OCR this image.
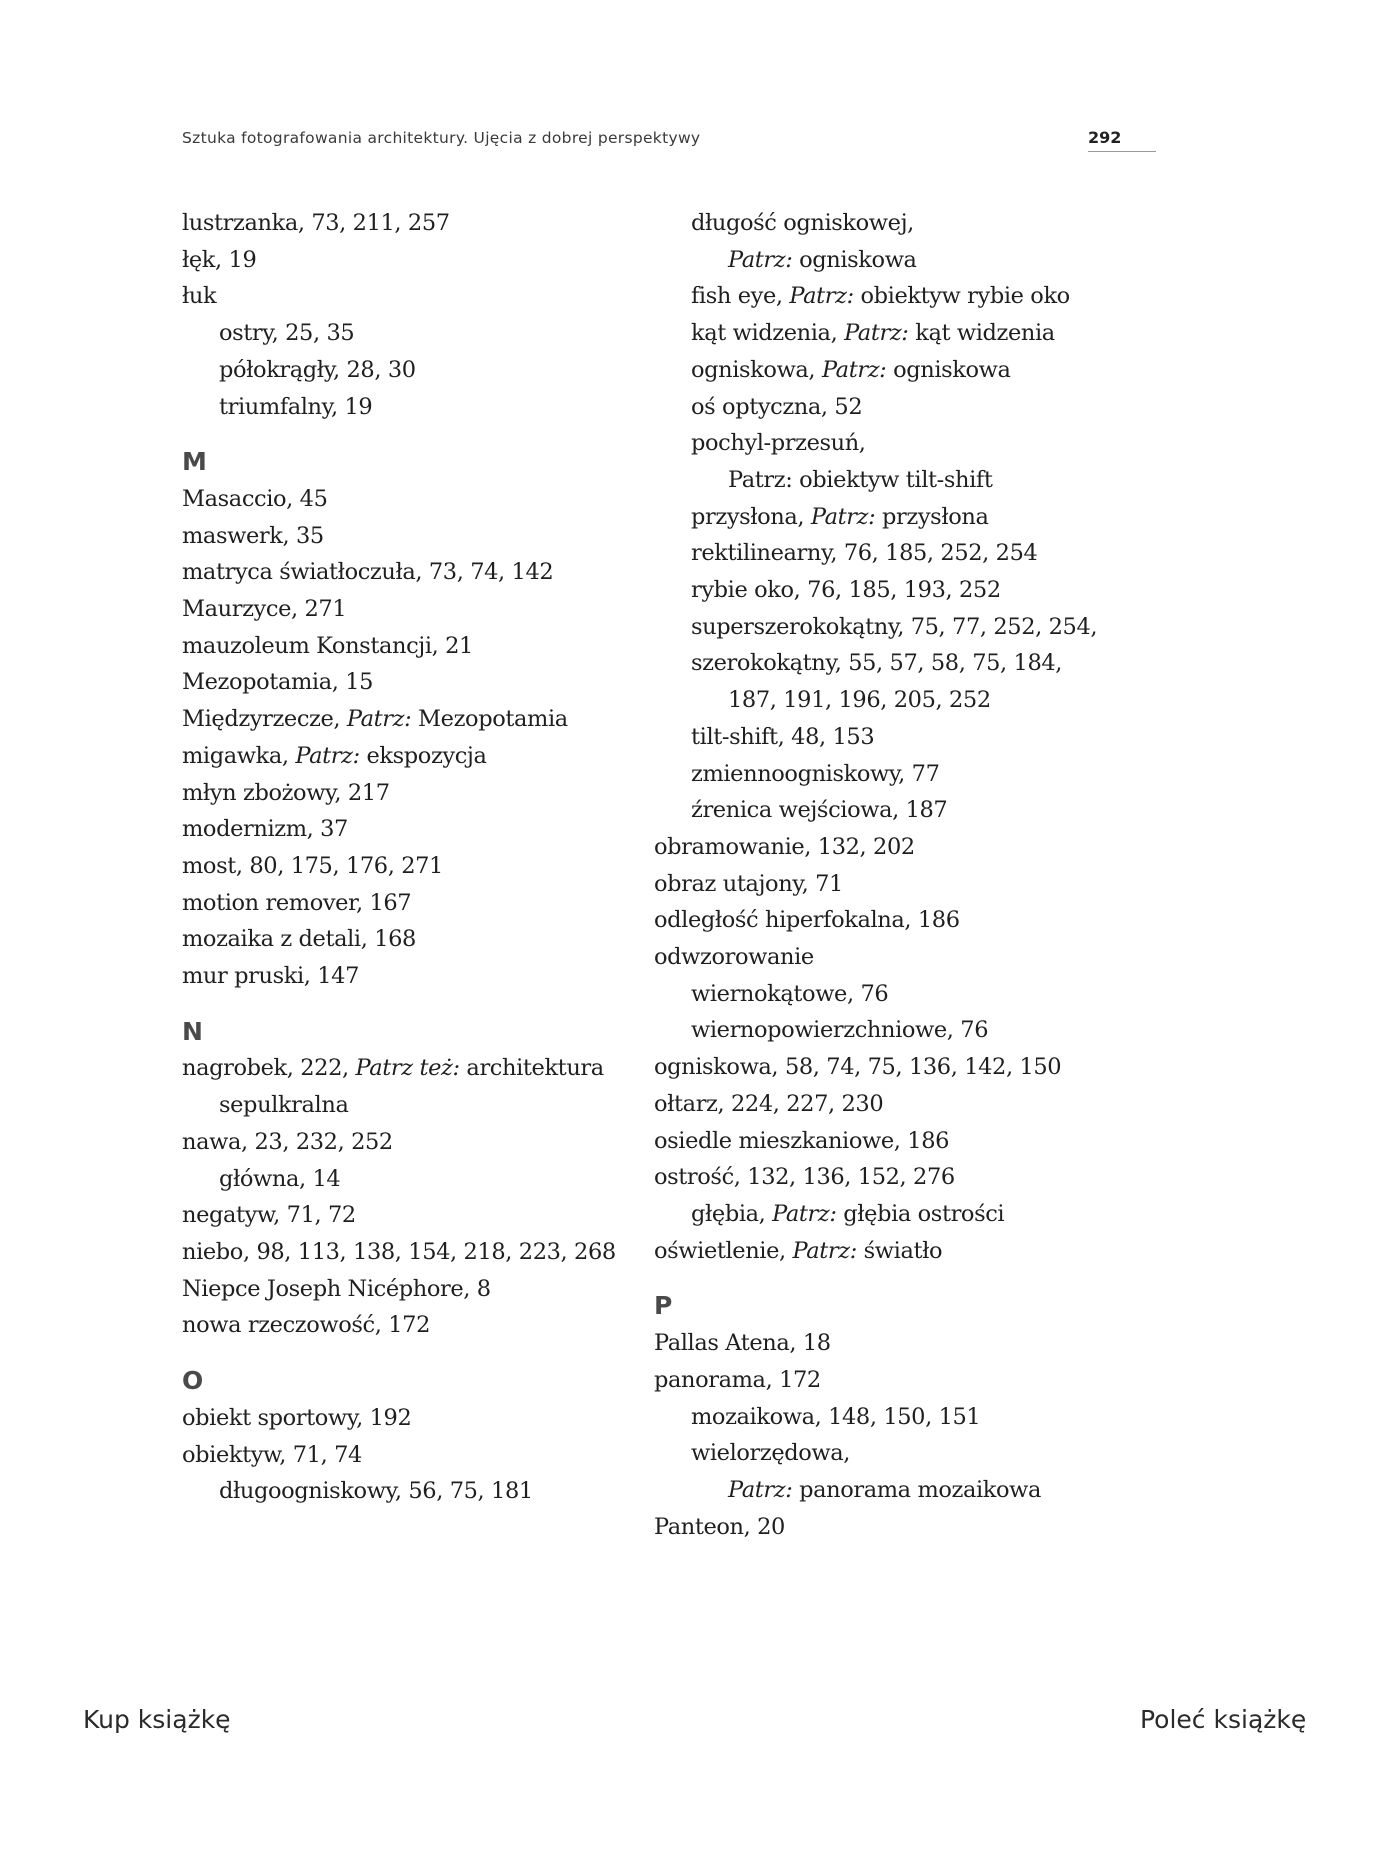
Sztuka fotografowania architektury. Ujęcia z dobrej perspektywy	292
lustrzanka, 73, 211, 257
łęk, 19
łuk
ostry, 25, 35
półokrągły, 28, 30
triumfalny, 19
M
Masaccio, 45
maswerk, 35
matryca światłoczuła, 73, 74, 142
Maurzyce, 271
mauzoleum Konstancji, 21
Mezopotamia, 15
Międzyrzecze, Patrz: Mezopotamia
migawka, Patrz: ekspozycja
młyn zbożowy, 217
modernizm, 37
most, 80, 175, 176, 271
motion remover, 167
mozaika z detali, 168
mur pruski, 147
N
nagrobek, 222, Patrz też: architektura
sepulkralna
nawa, 23, 232, 252
główna, 14
negatyw, 71, 72
niebo, 98, 113, 138, 154, 218, 223, 268
Niepce Joseph Nicéphore, 8
nowa rzeczowość, 172
O
obiekt sportowy, 192
obiektyw, 71, 74
długoogniskowy, 56, 75, 181
długość ogniskowej,
Patrz: ogniskowa
fish eye, Patrz: obiektyw rybie oko
kąt widzenia, Patrz: kąt widzenia
ogniskowa, Patrz: ogniskowa
oś optyczna, 52
pochyl-przesuń,
Patrz: obiektyw tilt-shift
przysłona, Patrz: przysłona
rektilinearny, 76, 185, 252, 254
rybie oko, 76, 185, 193, 252
superszerokokątny, 75, 77, 252, 254,
szerokokątny, 55, 57, 58, 75, 184,
187, 191, 196, 205, 252
tilt-shift, 48, 153
zmiennoogniskowy, 77
źrenica wejściowa, 187
obramowanie, 132, 202
obraz utajony, 71
odległość hiperfokalna, 186
odwzorowanie
wiernokątowe, 76
wiernopowierzchniowe, 76
ogniskowa, 58, 74, 75, 136, 142, 150
ołtarz, 224, 227, 230
osiedle mieszkaniowe, 186
ostrość, 132, 136, 152, 276
głębia, Patrz: głębia ostrości
oświetlenie, Patrz: światło
P
Pallas Atena, 18
panorama, 172
mozaikowa, 148, 150, 151
wielorzędowa,
Patrz: panorama mozaikowa
Panteon, 20
Kup książkę	Poleć książkę
